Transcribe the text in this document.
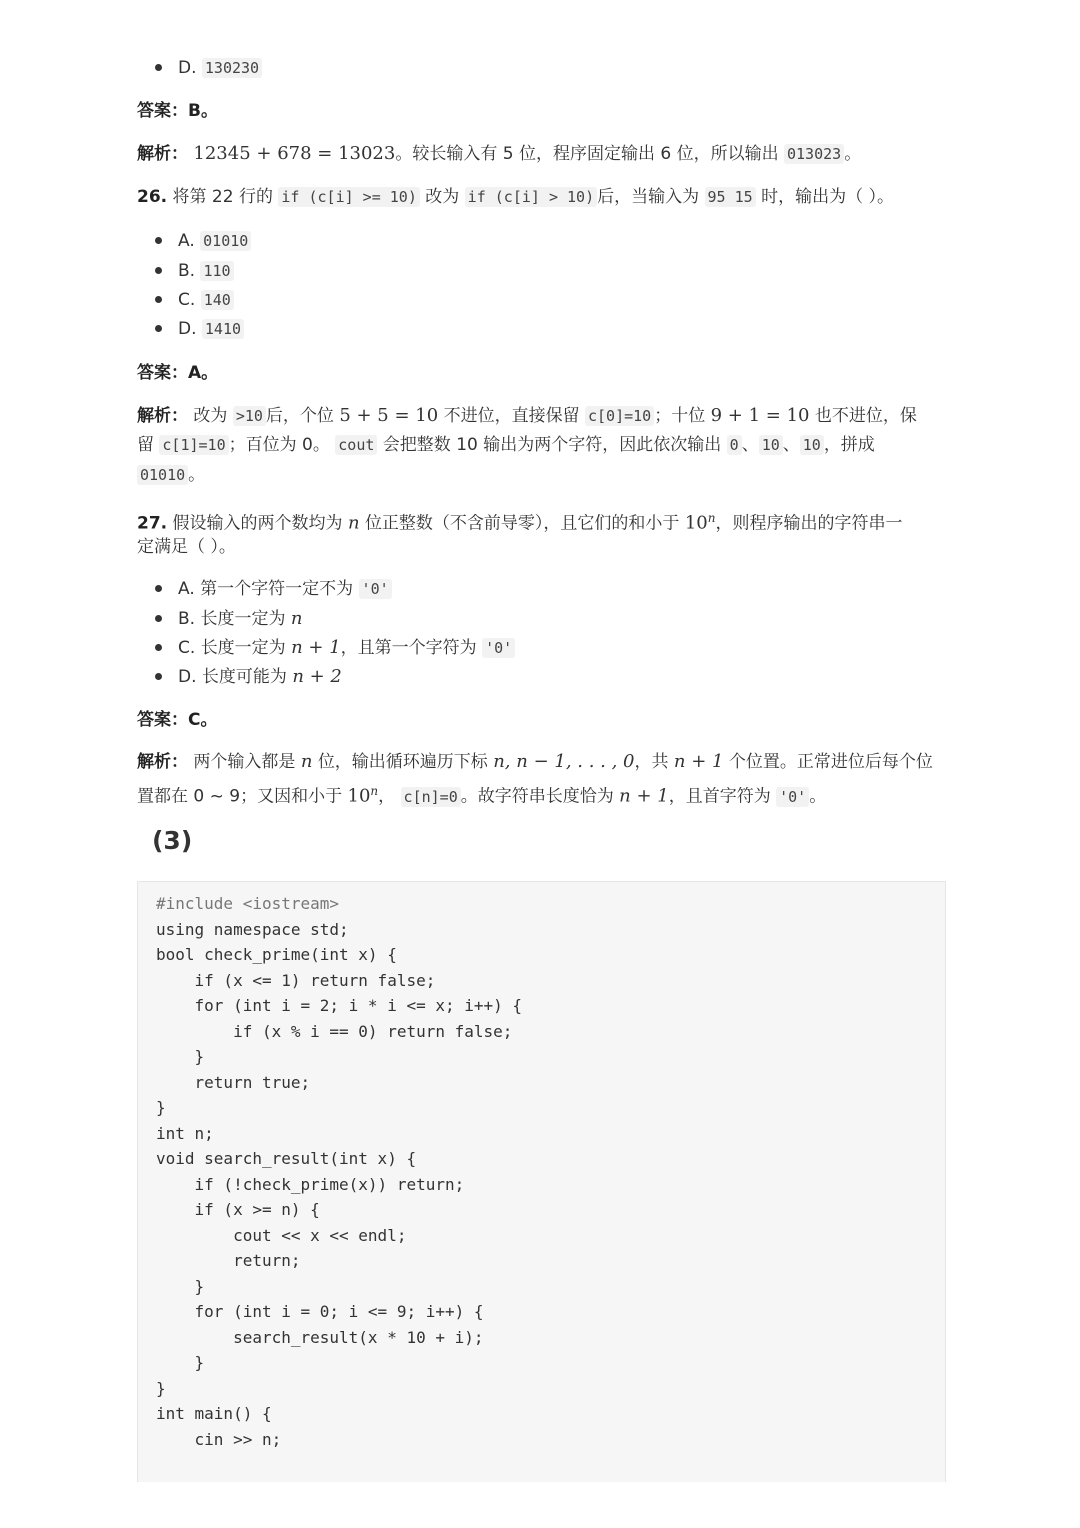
D. 130230
答案：B。
解析： 12345 + 678 = 13023。较长输入有 5 位，程序固定输出 6 位，所以输出 013023 。
26. 将第 22 行的 if (c[i] >= 10) 改为 if (c[i] > 10) 后，当输入为 95 15 时，输出为（ ）。
A. 01010
B. 110
C. 140
D. 1410
答案：A。
解析： 改为 >10 后，个位 5 + 5 = 10 不进位，直接保留 c[0]=10 ；十位 9 + 1 = 10 也不进位，保
留 c[1]=10 ；百位为 0。 cout 会把整数 10 输出为两个字符，因此依次输出 0 、 10 、 10 ，拼成
01010 。
27. 假设输入的两个数均为 n 位正整数（不含前导零），且它们的和小于 10$^n$，则程序输出的字符串一
定满足（ ）。
A. 第一个字符一定不为 '0'
B. 长度一定为 n
C. 长度一定为 n + 1，且第一个字符为 '0'
D. 长度可能为 n + 2
答案：C。
解析： 两个输入都是 n 位，输出循环遍历下标 n, n − 1, . . . , 0，共 n + 1 个位置。正常进位后每个位
置都在 0 ~ 9；又因和小于 10$^n$， c[n]=0 。故字符串长度恰为 n + 1，且首字符为 '0' 。
(3)
#include <iostream>
using namespace std;
bool check_prime(int x) {
if (x <= 1) return false;
for (int i = 2; i * i <= x; i++) {
if (x % i == 0) return false;
}
return true;
}
int n;
void search_result(int x) {
if (!check_prime(x)) return;
if (x >= n) {
cout << x << endl;
return;
}
for (int i = 0; i <= 9; i++) {
search_result(x * 10 + i);
}
}
int main() {
cin >> n;
